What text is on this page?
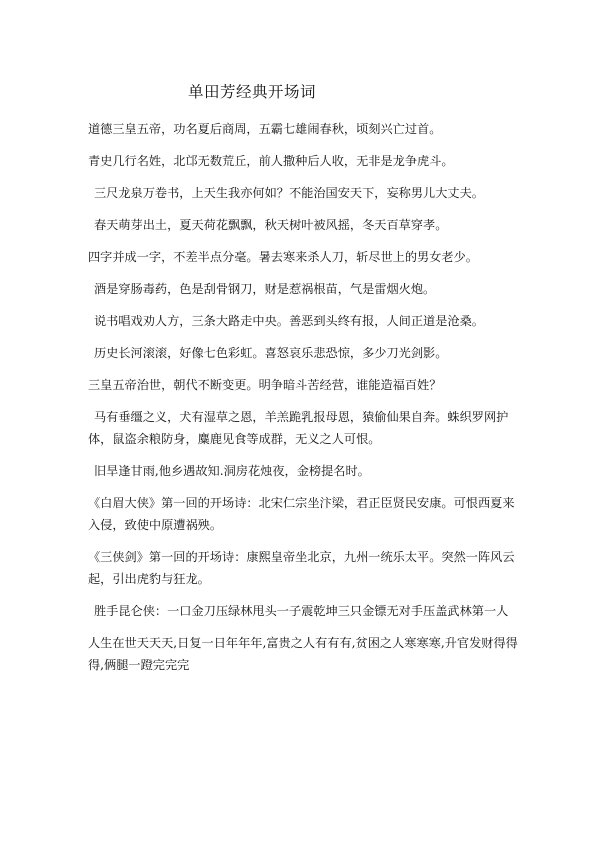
单田芳经典开场词
道德三皇五帝，功名夏后商周，五霸七雄闹春秋，顷刻兴亡过首。
青史几行名姓，北邙无数荒丘，前人撒种后人收，无非是龙争虎斗。
三尺龙泉万卷书，上天生我亦何如？不能治国安天下，妄称男儿大丈夫。
春天萌芽出土，夏天荷花飘飘，秋天树叶被风摇，冬天百草穿孝。
四字并成一字，不差半点分毫。暑去寒来杀人刀，斩尽世上的男女老少。
酒是穿肠毒药，色是刮骨钢刀，财是惹祸根苗，气是雷烟火炮。
说书唱戏劝人方，三条大路走中央。善恶到头终有报，人间正道是沧桑。
历史长河滚滚，好像七色彩虹。喜怒哀乐悲恐惊，多少刀光剑影。
三皇五帝治世，朝代不断变更。明争暗斗苦经营，谁能造福百姓？
马有垂缰之义，犬有湿草之恩，羊羔跪乳报母恩，猿偷仙果自奔。蛛织罗网护体，鼠盗余粮防身，麋鹿见食等成群，无义之人可恨。
旧旱逢甘雨,他乡遇故知.洞房花烛夜，金榜提名时。
《白眉大侠》第一回的开场诗：北宋仁宗坐汴梁，君正臣贤民安康。可恨西夏来入侵，致使中原遭祸殃。
《三侠剑》第一回的开场诗：康熙皇帝坐北京，九州一统乐太平。突然一阵风云起，引出虎豹与狂龙。
胜手昆仑侠：一口金刀压绿林甩头一子震乾坤三只金镖无对手压盖武林第一人
人生在世天天天,日复一日年年年,富贵之人有有有,贫困之人寒寒寒,升官发财得得得,俩腿一蹬完完完
